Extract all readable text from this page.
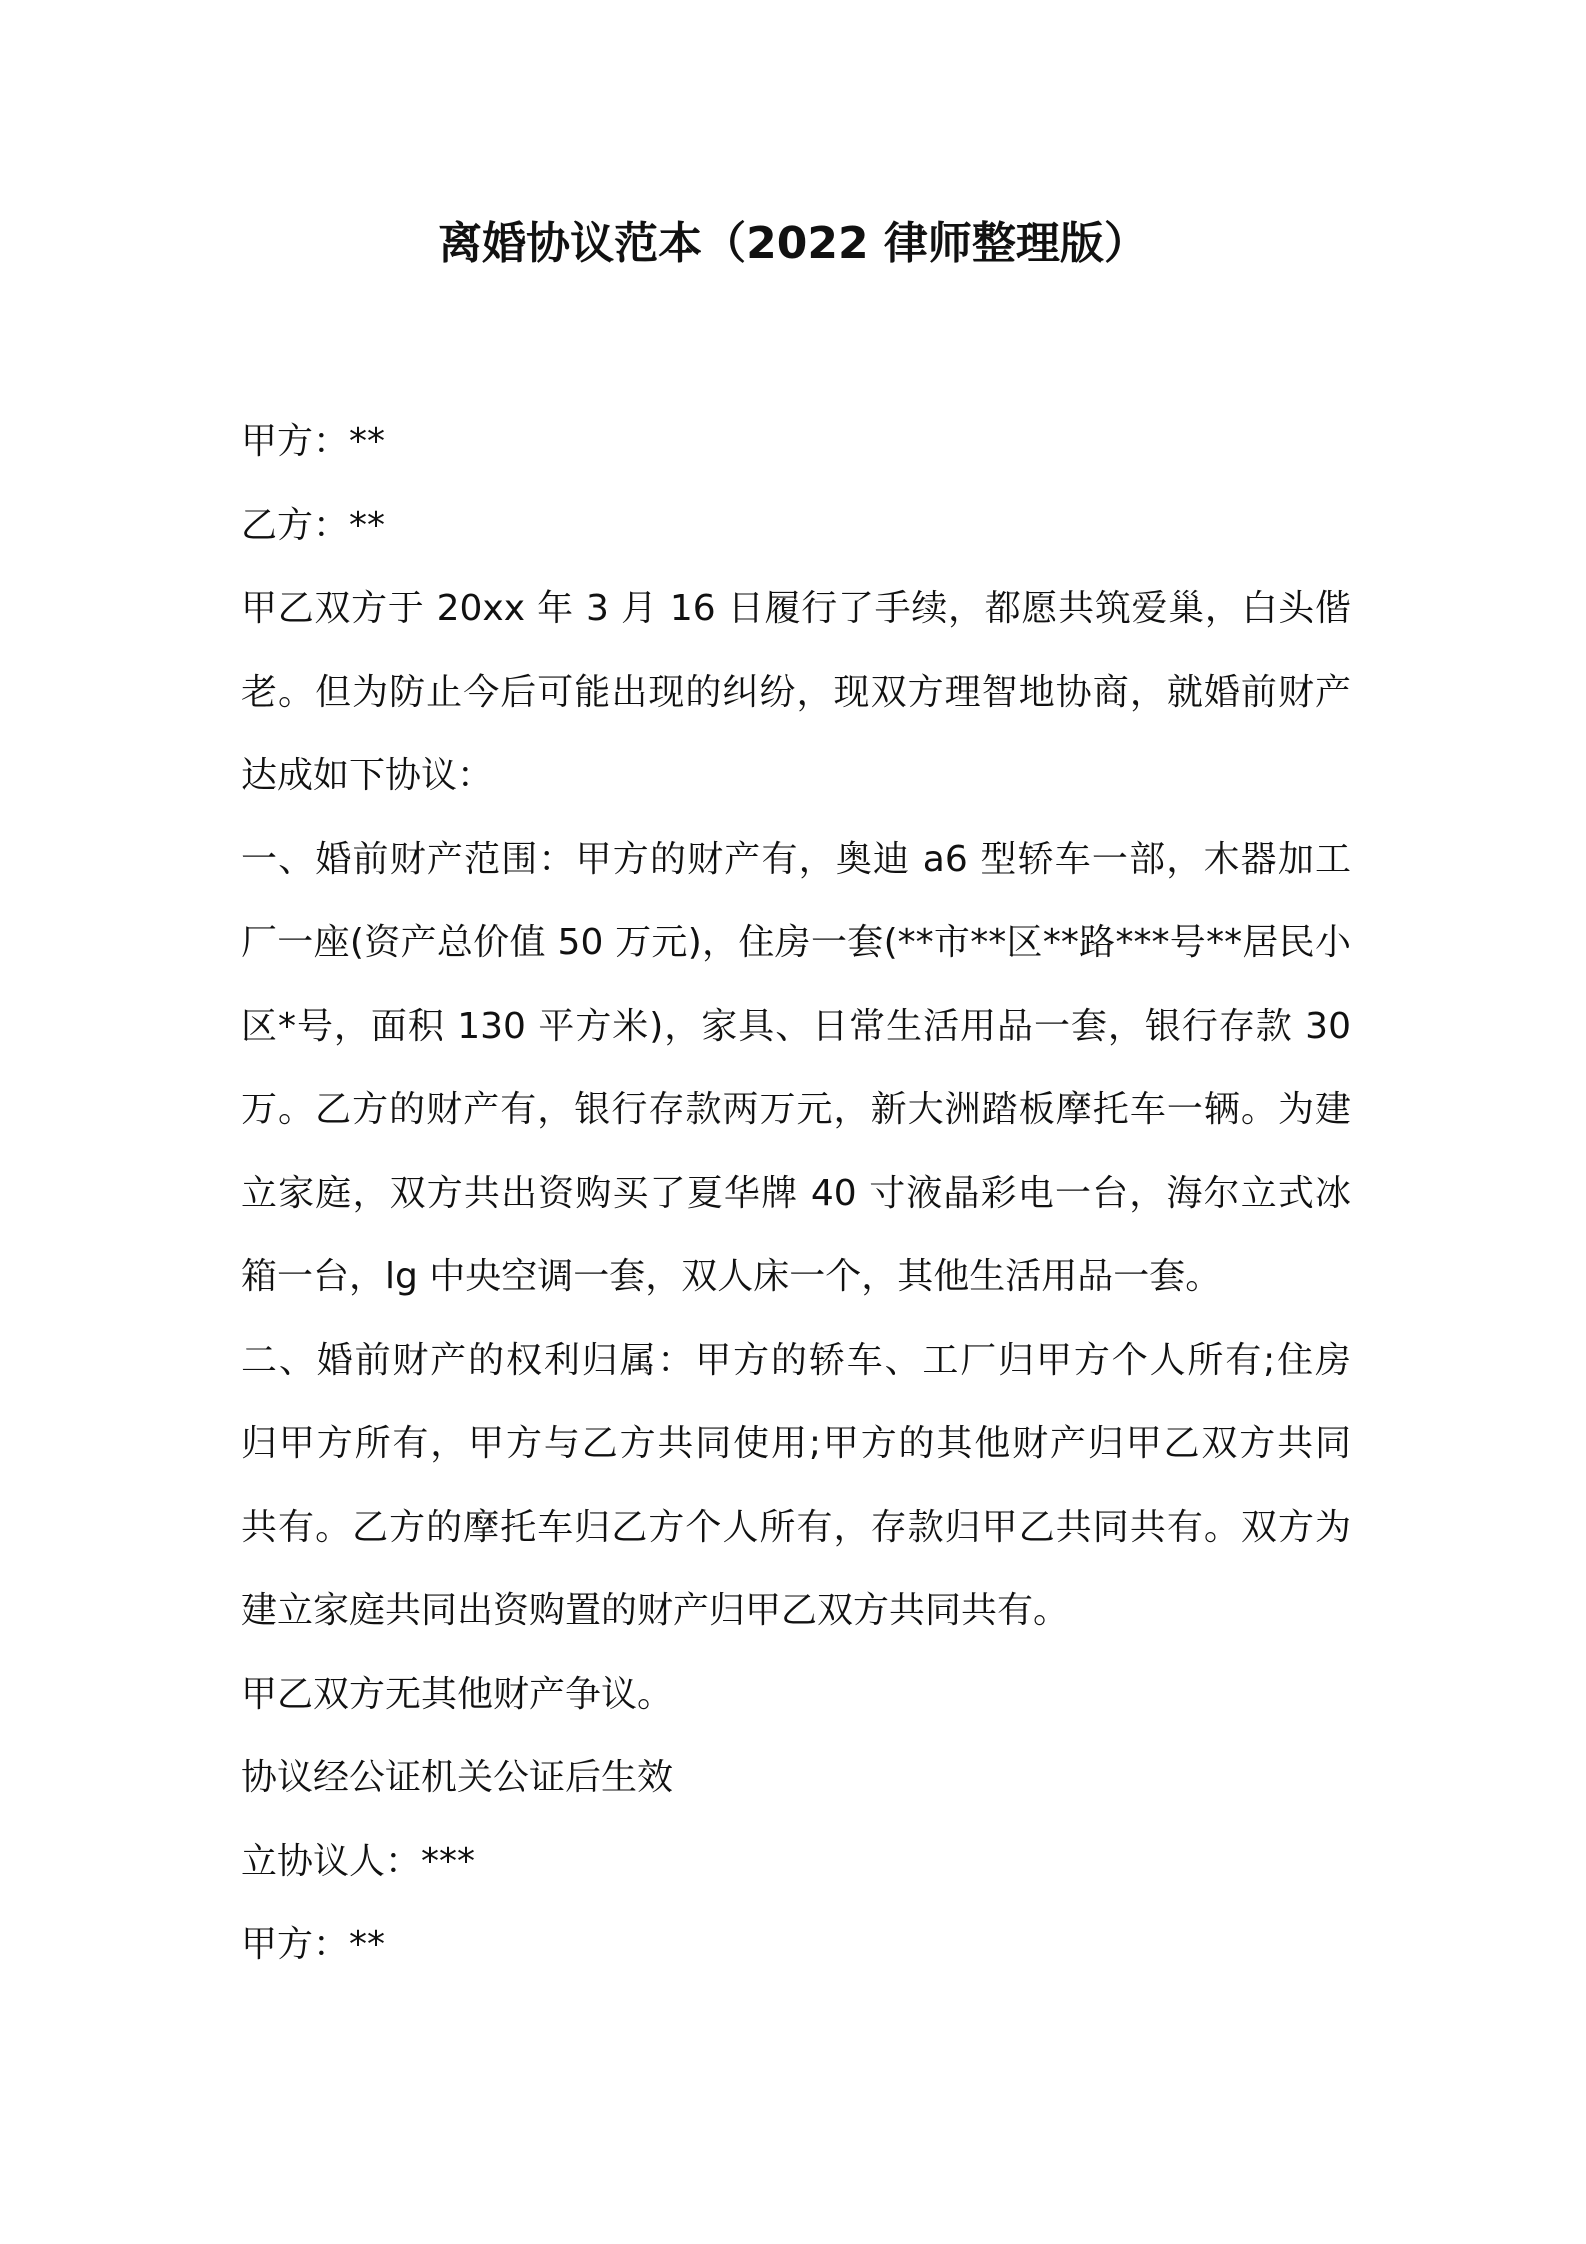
离婚协议范本（2022 律师整理版）
甲方：**
乙方：**
甲乙双方于 20xx 年 3 月 16 日履行了手续，都愿共筑爱巢，白头偕
老。但为防止今后可能出现的纠纷，现双方理智地协商，就婚前财产
达成如下协议：
一、婚前财产范围：甲方的财产有，奥迪 a6 型轿车一部，木器加工
厂一座(资产总价值 50 万元)，住房一套(**市**区**路***号**居民小
区*号，面积 130 平方米)，家具、日常生活用品一套，银行存款 30
万。乙方的财产有，银行存款两万元，新大洲踏板摩托车一辆。为建
立家庭，双方共出资购买了夏华牌 40 寸液晶彩电一台，海尔立式冰
箱一台，lg 中央空调一套，双人床一个，其他生活用品一套。
二、婚前财产的权利归属：甲方的轿车、工厂归甲方个人所有;住房
归甲方所有，甲方与乙方共同使用;甲方的其他财产归甲乙双方共同
共有。乙方的摩托车归乙方个人所有，存款归甲乙共同共有。双方为
建立家庭共同出资购置的财产归甲乙双方共同共有。
甲乙双方无其他财产争议。
协议经公证机关公证后生效
立协议人：***
甲方：**
